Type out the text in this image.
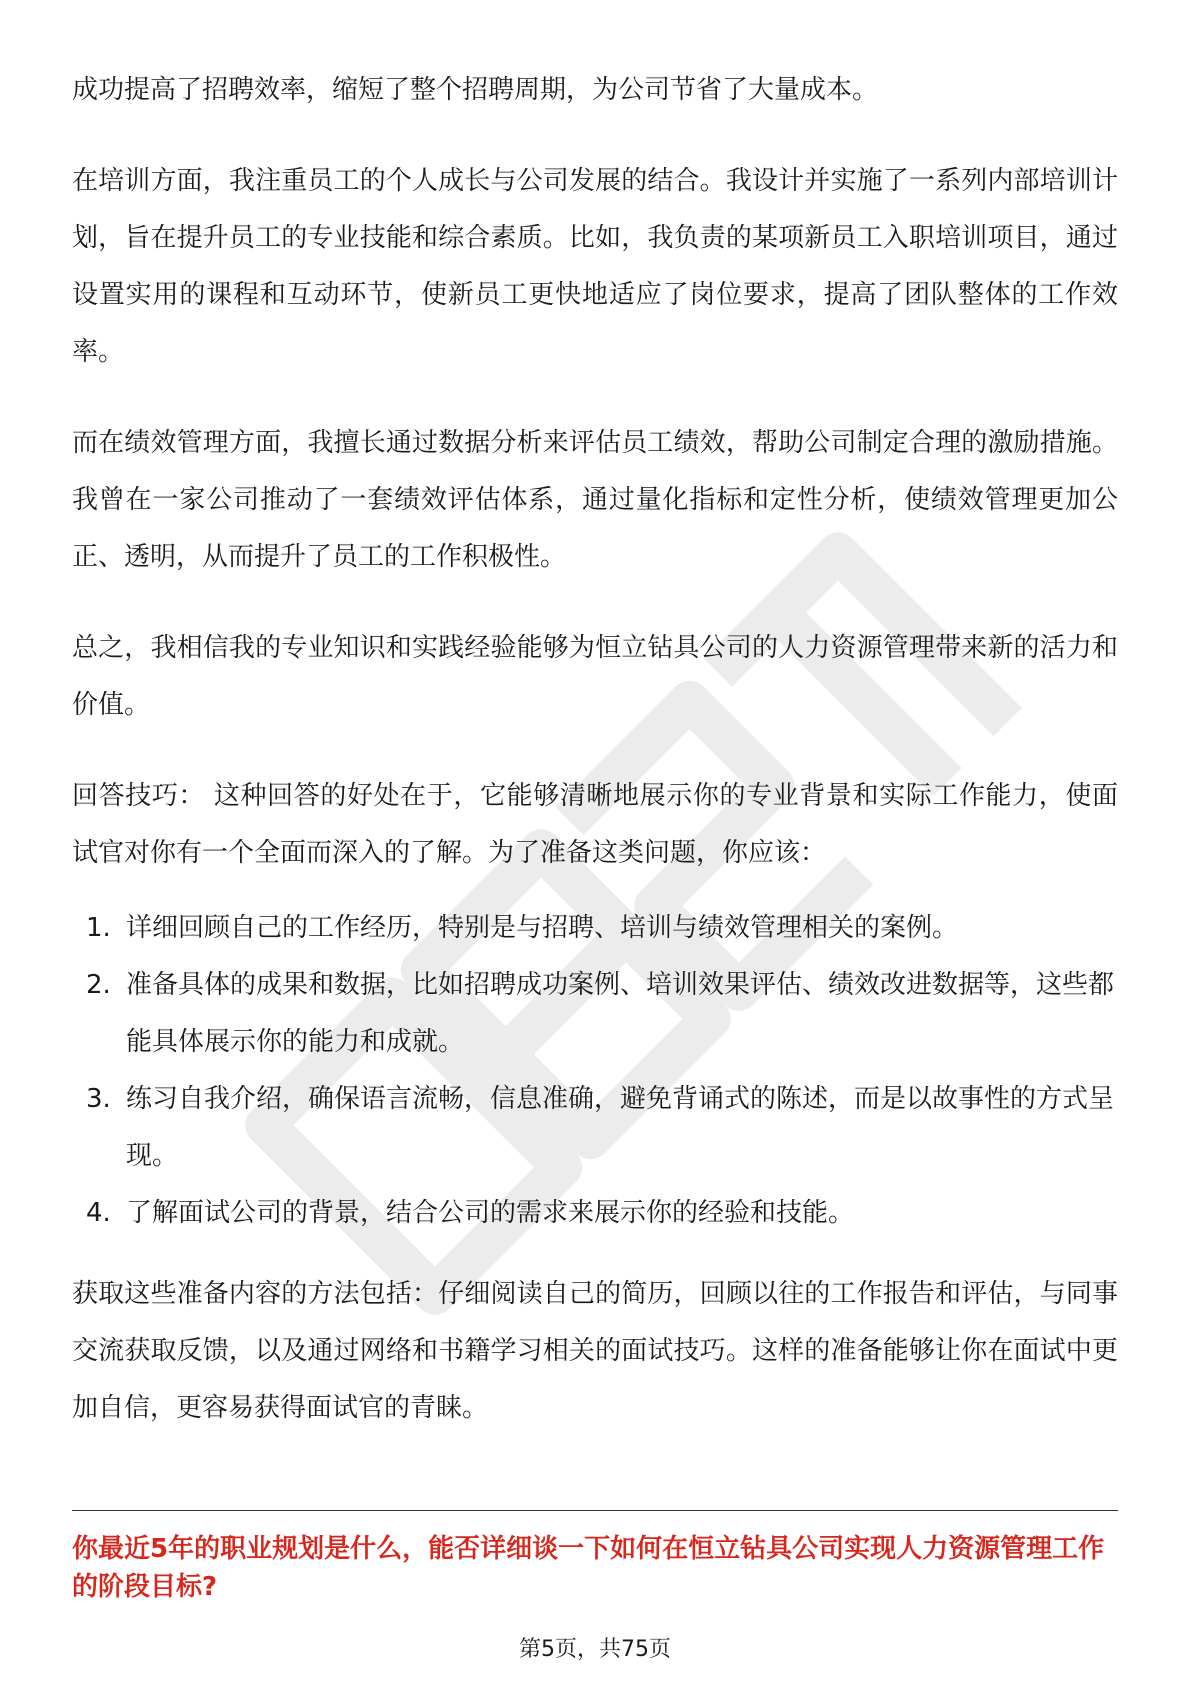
成功提高了招聘效率，缩短了整个招聘周期，为公司节省了大量成本。

在培训方面，我注重员工的个人成长与公司发展的结合。我设计并实施了一系列内部培训计划，旨在提升员工的专业技能和综合素质。比如，我负责的某项新员工入职培训项目，通过设置实用的课程和互动环节，使新员工更快地适应了岗位要求，提高了团队整体的工作效率。

而在绩效管理方面，我擅长通过数据分析来评估员工绩效，帮助公司制定合理的激励措施。我曾在一家公司推动了一套绩效评估体系，通过量化指标和定性分析，使绩效管理更加公正、透明，从而提升了员工的工作积极性。

总之，我相信我的专业知识和实践经验能够为恒立钻具公司的人力资源管理带来新的活力和价值。

回答技巧： 这种回答的好处在于，它能够清晰地展示你的专业背景和实际工作能力，使面试官对你有一个全面而深入的了解。为了准备这类问题，你应该：

1. 详细回顾自己的工作经历，特别是与招聘、培训与绩效管理相关的案例。
2. 准备具体的成果和数据，比如招聘成功案例、培训效果评估、绩效改进数据等，这些都能具体展示你的能力和成就。
3. 练习自我介绍，确保语言流畅，信息准确，避免背诵式的陈述，而是以故事性的方式呈现。
4. 了解面试公司的背景，结合公司的需求来展示你的经验和技能。

获取这些准备内容的方法包括：仔细阅读自己的简历，回顾以往的工作报告和评估，与同事交流获取反馈，以及通过网络和书籍学习相关的面试技巧。这样的准备能够让你在面试中更加自信，更容易获得面试官的青睐。

你最近5年的职业规划是什么，能否详细谈一下如何在恒立钻具公司实现人力资源管理工作的阶段目标?
第5页，共75页
